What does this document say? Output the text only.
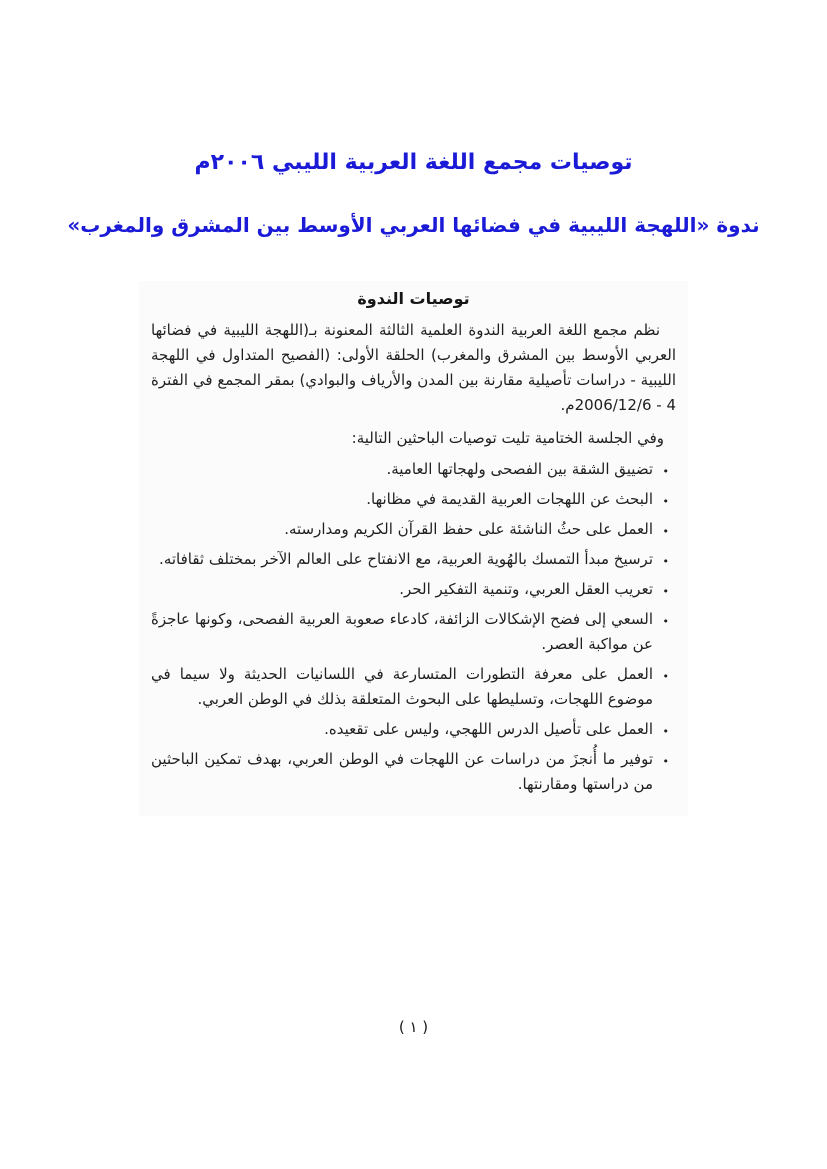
توصيات مجمع اللغة العربية الليبي ٢٠٠٦م
ندوة «اللهجة الليبية في فضائها العربي الأوسط بين المشرق والمغرب»
توصيات الندوة

نظم مجمع اللغة العربية الندوة العلمية الثالثة المعنونة بـ(اللهجة الليبية في فضائها العربي الأوسط بين المشرق والمغرب) الحلقة الأولى: (الفصيح المتداول في اللهجة الليبية - دراسات تأصيلية مقارنة بين المدن والأرياف والبوادي) بمقر المجمع في الفترة 4 - 2006/12/6م.

وفي الجلسة الختامية تليت توصيات الباحثين التالية:

•
تضييق الشقة بين الفصحى ولهجاتها العامية.
•
البحث عن اللهجات العربية القديمة في مظانها.
•
العمل على حثُ الناشئة على حفظ القرآن الكريم ومدارسته.
•
ترسيخ مبدأ التمسك بالهُوية العربية، مع الانفتاح على العالم الآخر بمختلف ثقافاته.
•
تعريب العقل العربي، وتنمية التفكير الحر.
•
السعي إلى فضح الإشكالات الزائفة، كادعاء صعوبة العربية الفصحى، وكونها عاجزةً عن مواكبة العصر.
•
العمل على معرفة التطورات المتسارعة في اللسانيات الحديثة ولا سيما في موضوع اللهجات، وتسليطها على البحوث المتعلقة بذلك في الوطن العربي.
•
العمل على تأصيل الدرس اللهجي، وليس على تقعيده.
•
توفير ما أُنجزَ من دراسات عن اللهجات في الوطن العربي، بهدف تمكين الباحثين من دراستها ومقارنتها.
( ١ )
